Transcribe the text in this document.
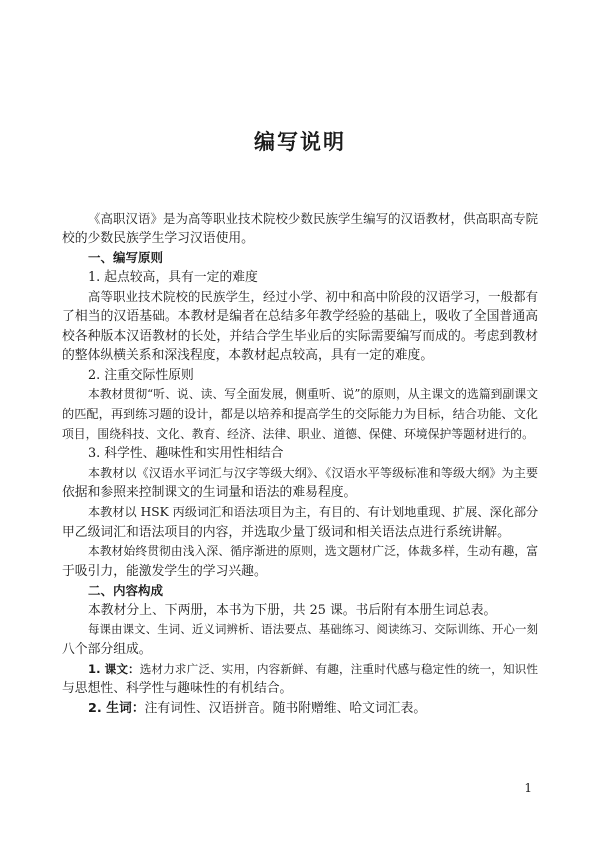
编写说明
《高职汉语》是为高等职业技术院校少数民族学生编写的汉语教材，供高职高专院
校的少数民族学生学习汉语使用。
一、编写原则
1. 起点较高，具有一定的难度
高等职业技术院校的民族学生，经过小学、初中和高中阶段的汉语学习，一般都有
了相当的汉语基础。本教材是编者在总结多年教学经验的基础上，吸收了全国普通高
校各种版本汉语教材的长处，并结合学生毕业后的实际需要编写而成的。考虑到教材
的整体纵横关系和深浅程度，本教材起点较高，具有一定的难度。
2. 注重交际性原则
本教材贯彻“听、说、读、写全面发展，侧重听、说”的原则，从主课文的选篇到副课文
的匹配，再到练习题的设计，都是以培养和提高学生的交际能力为目标，结合功能、文化
项目，围绕科技、文化、教育、经济、法律、职业、道德、保健、环境保护等题材进行的。
3. 科学性、趣味性和实用性相结合
本教材以《汉语水平词汇与汉字等级大纲》、《汉语水平等级标准和等级大纲》为主要
依据和参照来控制课文的生词量和语法的难易程度。
本教材以 HSK 丙级词汇和语法项目为主，有目的、有计划地重现、扩展、深化部分
甲乙级词汇和语法项目的内容，并选取少量丁级词和相关语法点进行系统讲解。
本教材始终贯彻由浅入深、循序渐进的原则，选文题材广泛，体裁多样，生动有趣，富
于吸引力，能激发学生的学习兴趣。
二、内容构成
本教材分上、下两册，本书为下册，共 25 课。书后附有本册生词总表。
每课由课文、生词、近义词辨析、语法要点、基础练习、阅读练习、交际训练、开心一刻
八个部分组成。
1. 课文：选材力求广泛、实用，内容新鲜、有趣，注重时代感与稳定性的统一，知识性
与思想性、科学性与趣味性的有机结合。
2. 生词：注有词性、汉语拼音。随书附赠维、哈文词汇表。
1
